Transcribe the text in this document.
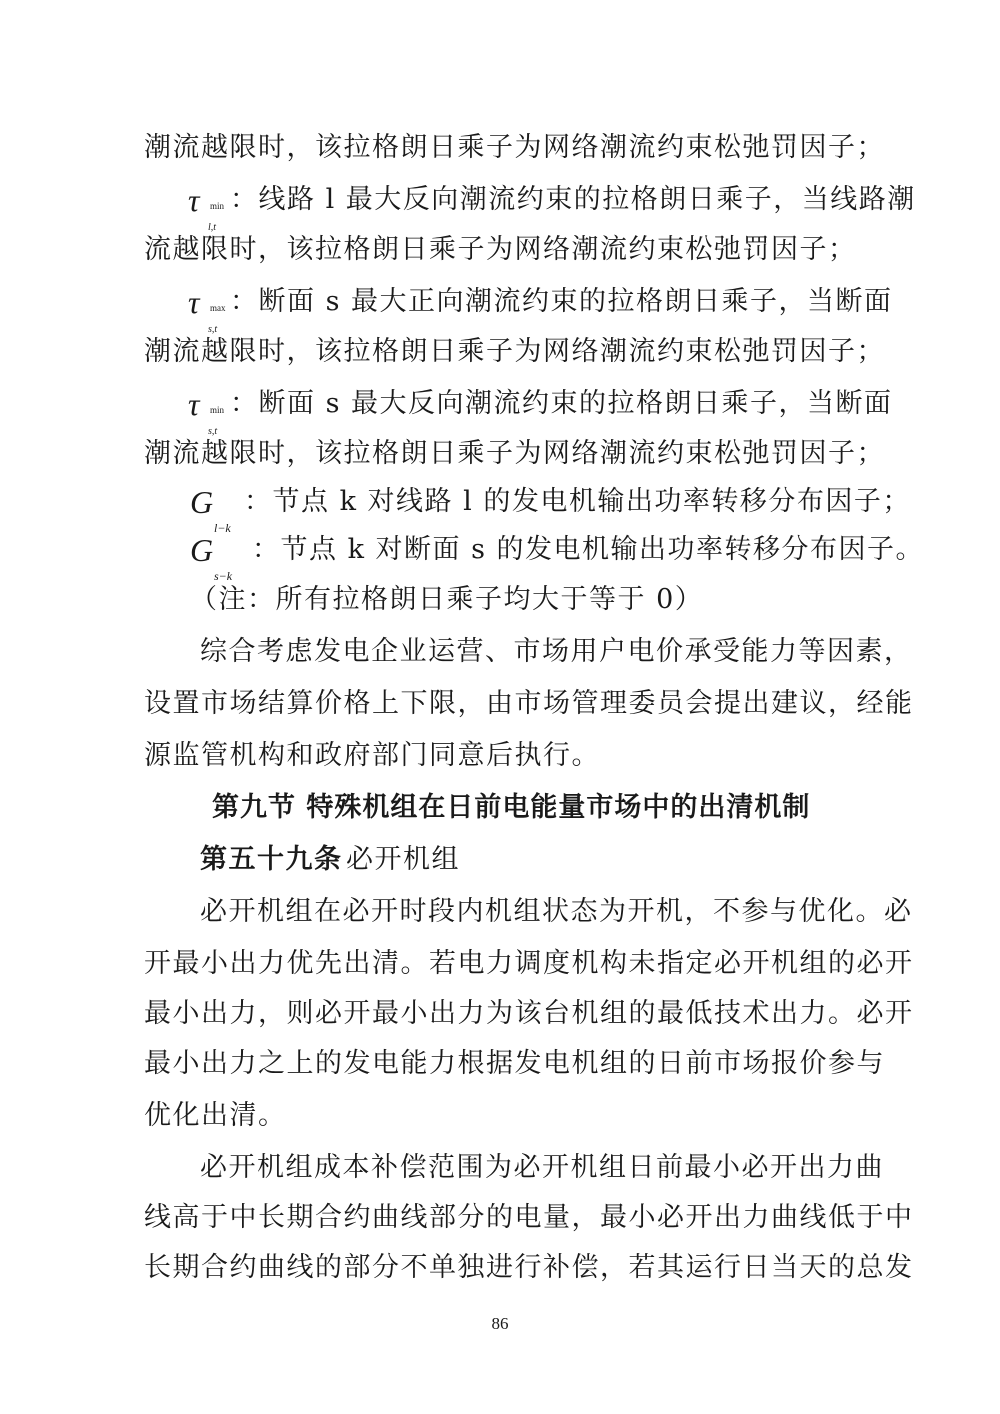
潮流越限时，该拉格朗日乘子为网络潮流约束松弛罚因子；
τ min
l,t
：线路 l 最大反向潮流约束的拉格朗日乘子，当线路潮
流越限时，该拉格朗日乘子为网络潮流约束松弛罚因子；
τ max
s,t
：断面 s 最大正向潮流约束的拉格朗日乘子，当断面
潮流越限时，该拉格朗日乘子为网络潮流约束松弛罚因子；
τ min
s,t
：断面 s 最大反向潮流约束的拉格朗日乘子，当断面
潮流越限时，该拉格朗日乘子为网络潮流约束松弛罚因子；
G
l−k
：节点 k 对线路 l 的发电机输出功率转移分布因子；
G
s−k
：节点 k 对断面 s 的发电机输出功率转移分布因子。
（注：所有拉格朗日乘子均大于等于 0）
综合考虑发电企业运营、市场用户电价承受能力等因素，
设置市场结算价格上下限，由市场管理委员会提出建议，经能
源监管机构和政府部门同意后执行。
第九节 特殊机组在日前电能量市场中的出清机制
第五十九条 必开机组
必开机组在必开时段内机组状态为开机，不参与优化。必
开最小出力优先出清。若电力调度机构未指定必开机组的必开
最小出力，则必开最小出力为该台机组的最低技术出力。必开
最小出力之上的发电能力根据发电机组的日前市场报价参与
优化出清。
必开机组成本补偿范围为必开机组日前最小必开出力曲
线高于中长期合约曲线部分的电量，最小必开出力曲线低于中
长期合约曲线的部分不单独进行补偿，若其运行日当天的总发
86
